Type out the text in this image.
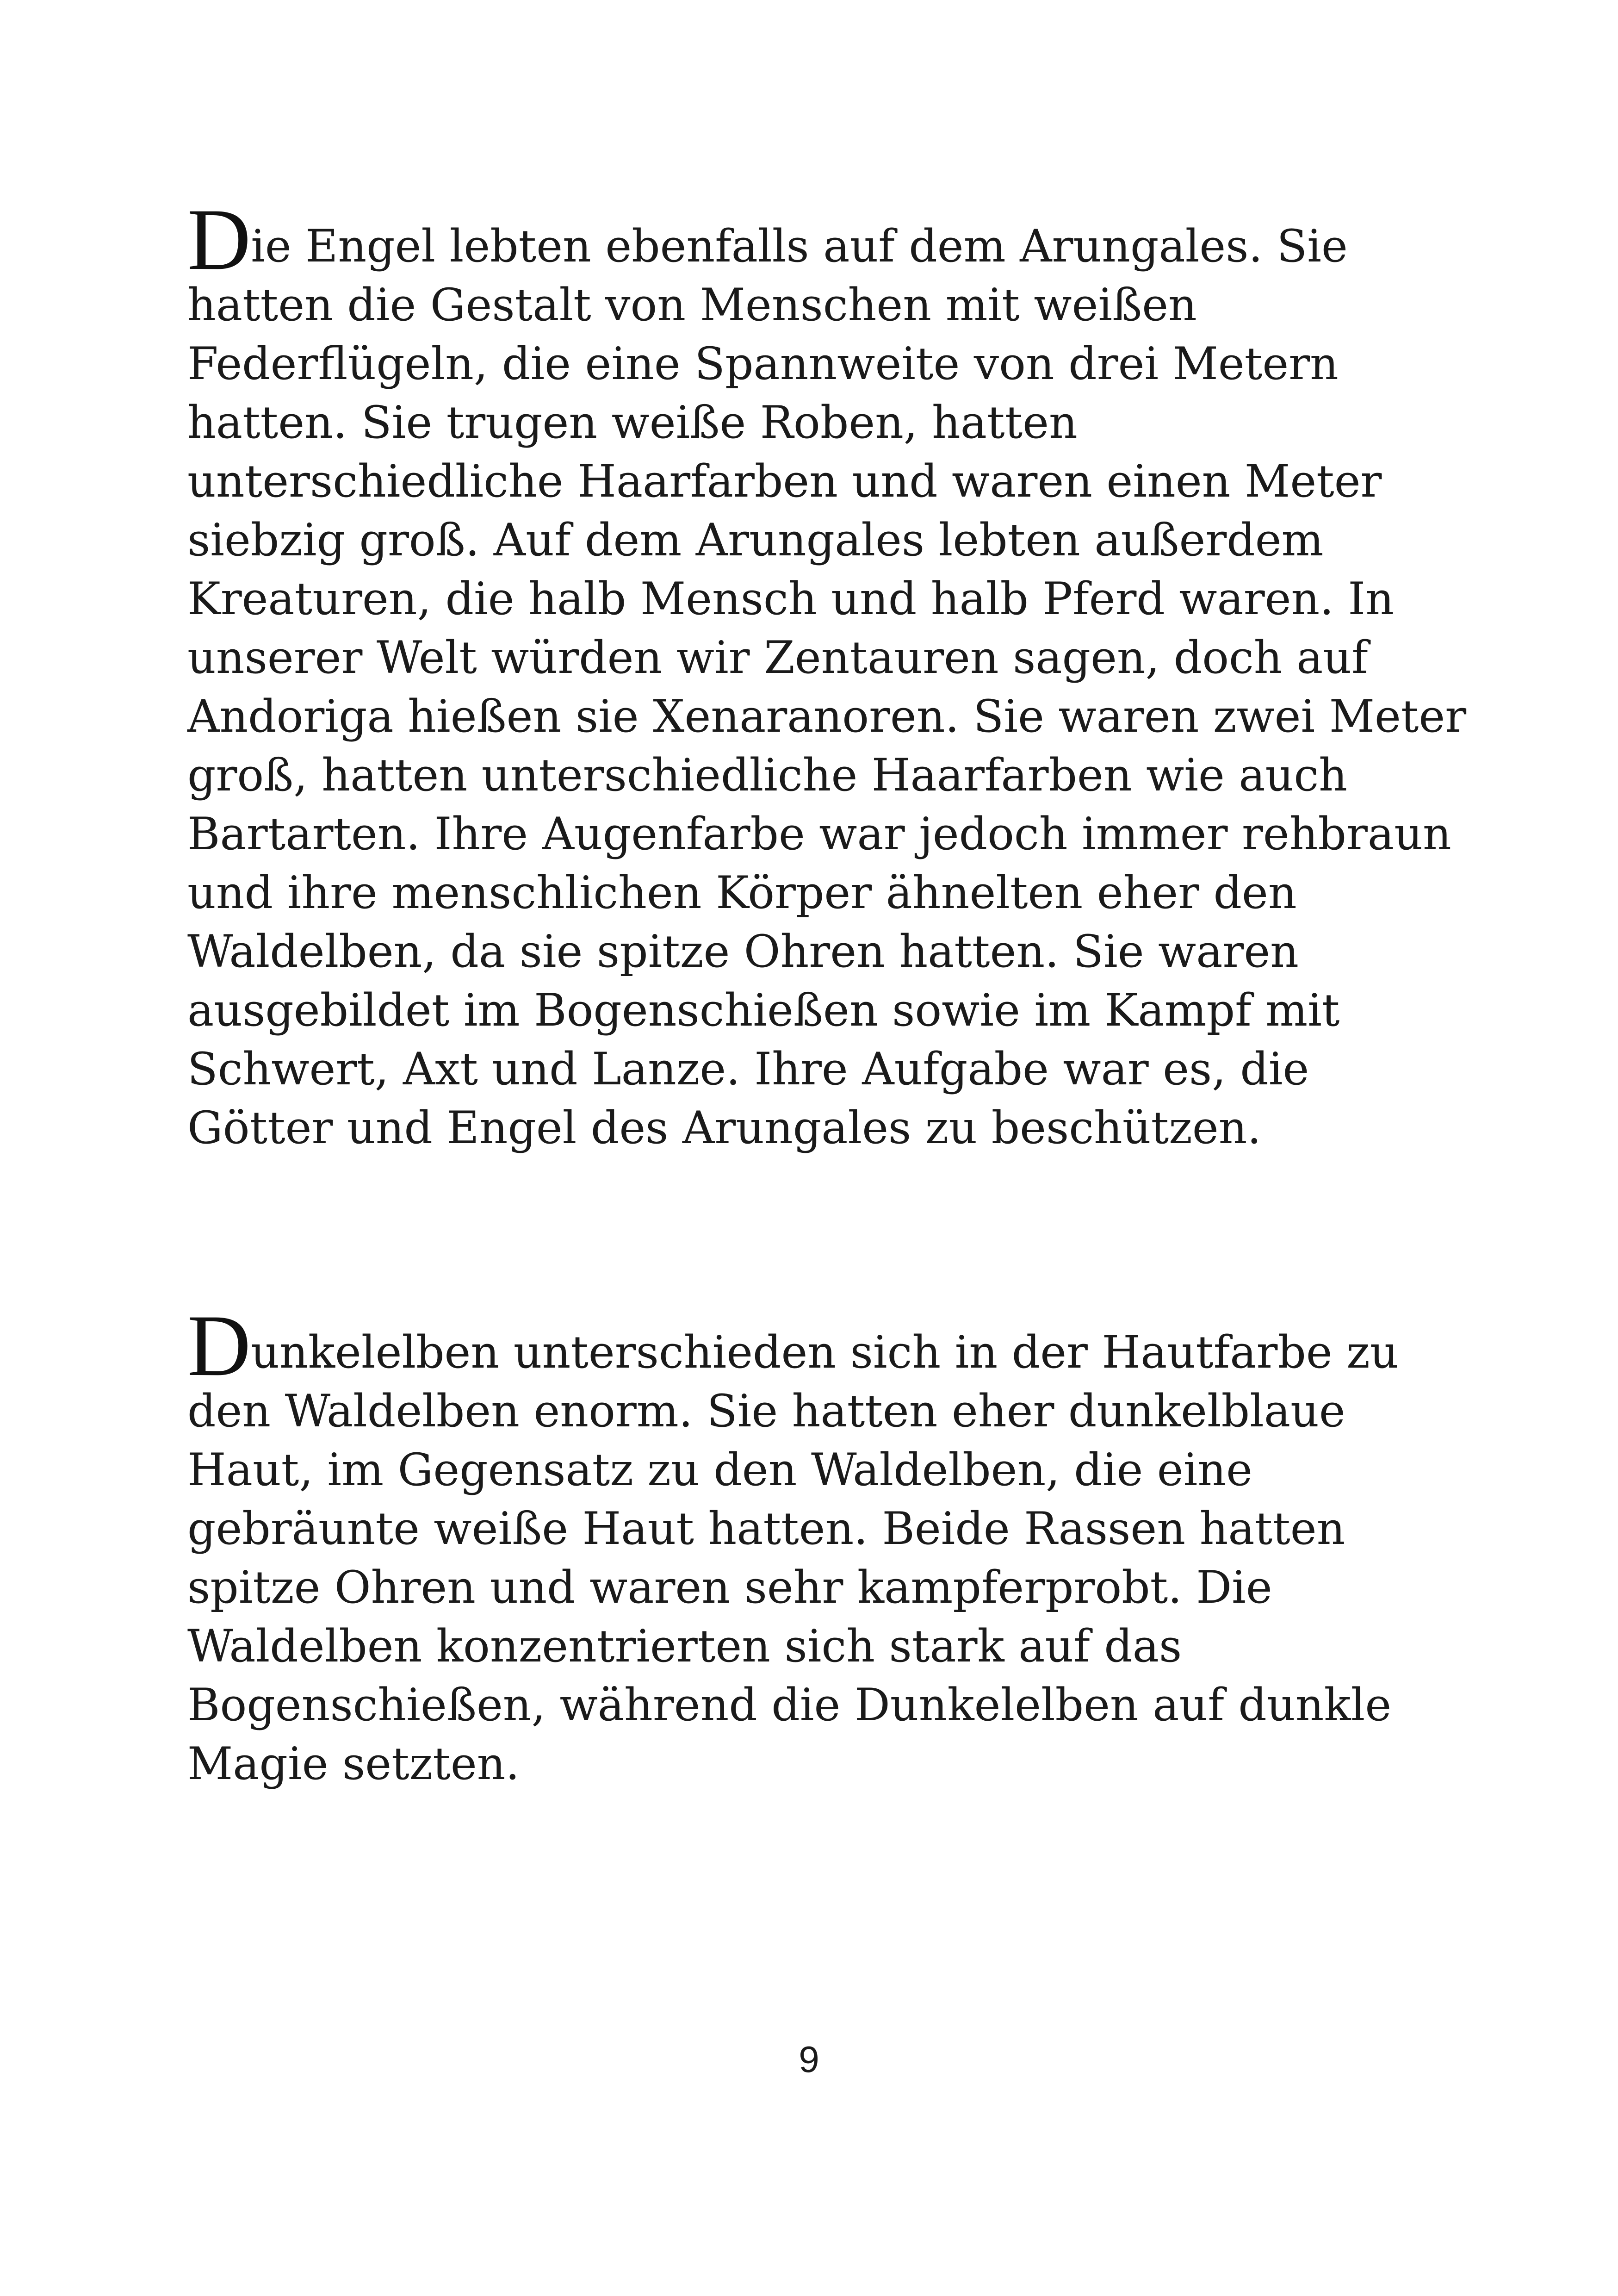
Die Engel lebten ebenfalls auf dem Arungales. Sie
hatten die Gestalt von Menschen mit weißen
Federflügeln, die eine Spannweite von drei Metern
hatten. Sie trugen weiße Roben, hatten
unterschiedliche Haarfarben und waren einen Meter
siebzig groß. Auf dem Arungales lebten außerdem
Kreaturen, die halb Mensch und halb Pferd waren. In
unserer Welt würden wir Zentauren sagen, doch auf
Andoriga hießen sie Xenaranoren. Sie waren zwei Meter
groß, hatten unterschiedliche Haarfarben wie auch
Bartarten. Ihre Augenfarbe war jedoch immer rehbraun
und ihre menschlichen Körper ähnelten eher den
Waldelben, da sie spitze Ohren hatten. Sie waren
ausgebildet im Bogenschießen sowie im Kampf mit
Schwert, Axt und Lanze. Ihre Aufgabe war es, die
Götter und Engel des Arungales zu beschützen.

Dunkelelben unterschieden sich in der Hautfarbe zu
den Waldelben enorm. Sie hatten eher dunkelblaue
Haut, im Gegensatz zu den Waldelben, die eine
gebräunte weiße Haut hatten. Beide Rassen hatten
spitze Ohren und waren sehr kampferprobt. Die
Waldelben konzentrierten sich stark auf das
Bogenschießen, während die Dunkelelben auf dunkle
Magie setzten.

9
